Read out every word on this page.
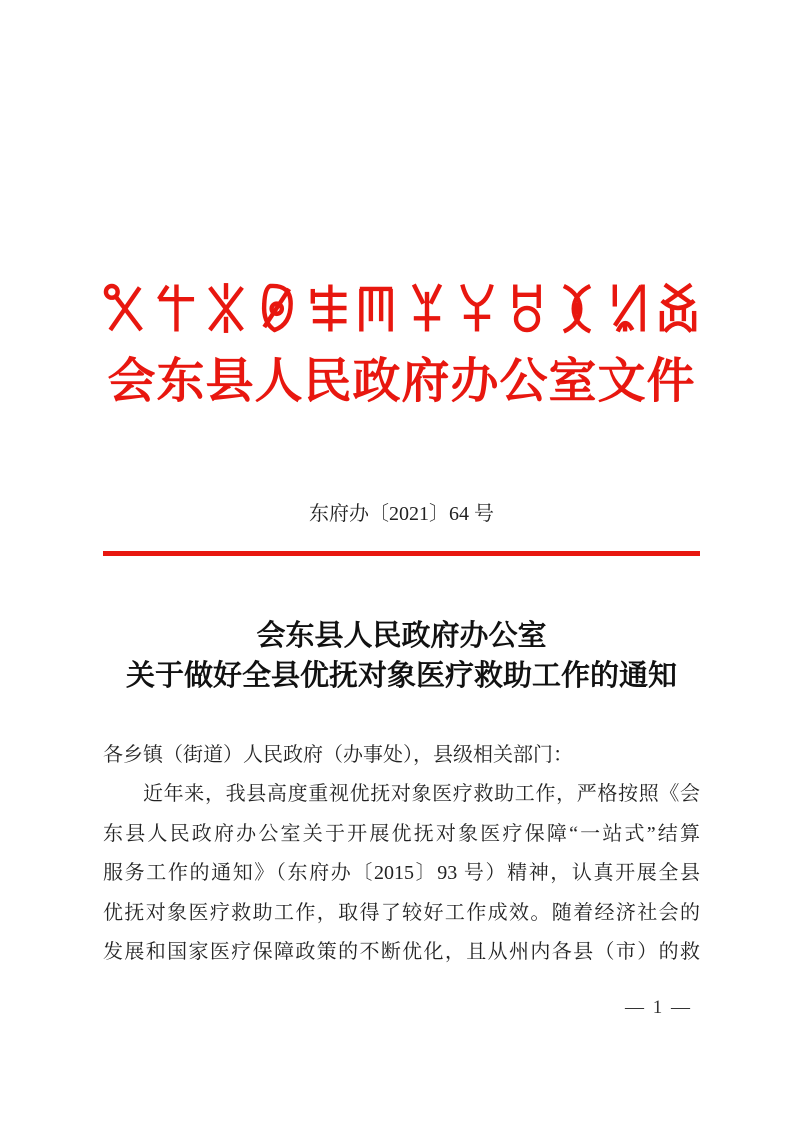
会东县人民政府办公室文件
东府办〔2021〕64 号
会东县人民政府办公室
关于做好全县优抚对象医疗救助工作的通知
各乡镇（街道）人民政府（办事处），县级相关部门：
近年来，我县高度重视优抚对象医疗救助工作，严格按照《会
东县人民政府办公室关于开展优抚对象医疗保障“一站式”结算
服务工作的通知》（东府办〔2015〕93 号）精神，认真开展全县
优抚对象医疗救助工作，取得了较好工作成效。随着经济社会的
发展和国家医疗保障政策的不断优化，且从州内各县（市）的救
— 1 —
